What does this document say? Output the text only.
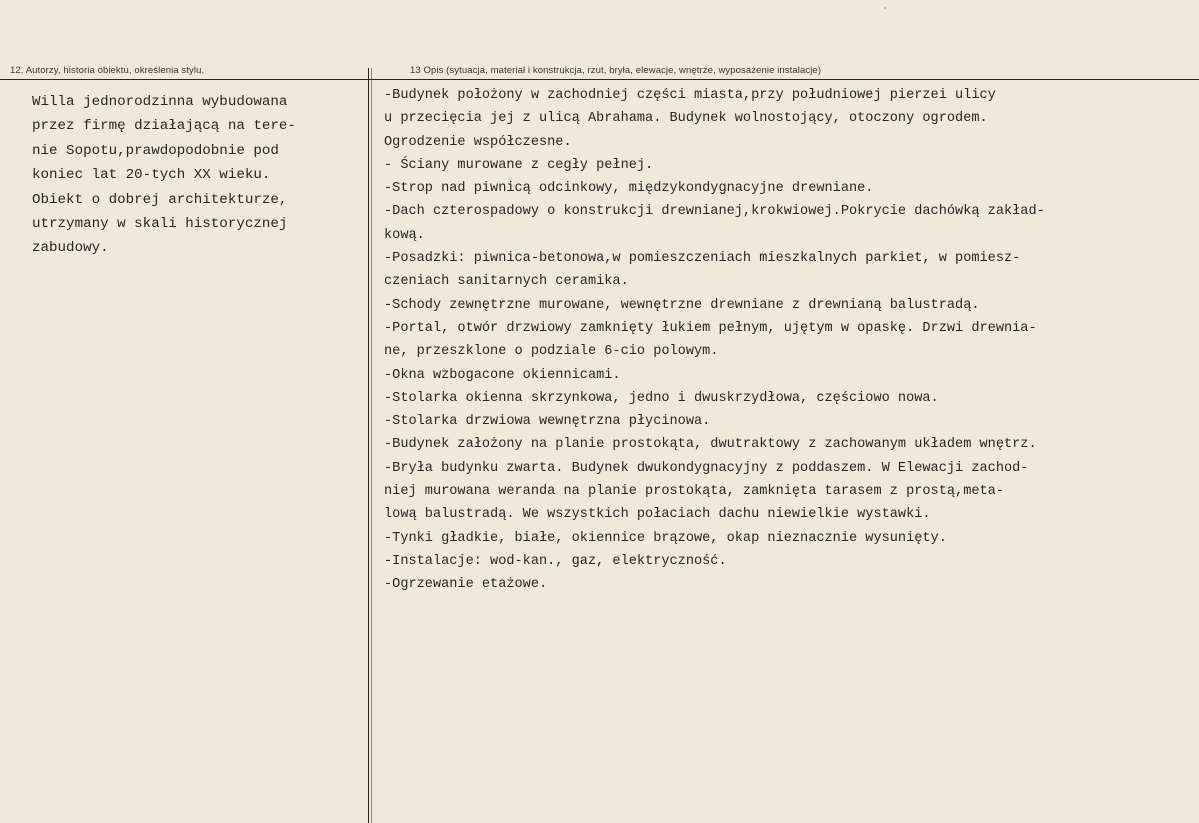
12. Autorzy, historia obiektu, określenia stylu.	13 Opis (sytuacja, materiał i konstrukcja, rzut, bryła, elewacje, wnętrze, wyposażenie instalacje)
Willa jednorodzinna wybudowana
przez firmę działającą na tere-
nie Sopotu,prawdopodobnie pod
koniec lat 20-tych XX wieku.
Obiekt o dobrej architekturze,
utrzymany w skali historycznej
zabudowy.
-Budynek położony w zachodniej części miasta,przy południowej pierzei ulicy
u przecięcia jej z ulicą Abrahama. Budynek wolnostojący, otoczony ogrodem.
Ogrodzenie współczesne.
- Ściany murowane z cegły pełnej.
-Strop nad piwnicą odcinkowy, międzykondygnacyjne drewniane.
-Dach czterospadowy o konstrukcji drewnianej,krokwiowej.Pokrycie dachówką zakład-
kową.
-Posadzki: piwnica-betonowa,w pomieszczeniach mieszkalnych parkiet, w pomiesz-
czeniach sanitarnych ceramika.
-Schody zewnętrzne murowane, wewnętrzne drewniane z drewnianą balustradą.
-Portal, otwór drzwiowy zamknięty łukiem pełnym, ujętym w opaskę. Drzwi drewnia-
ne, przeszklone o podziale 6-cio polowym.
-Okna wzbogacone okiennicami.
-Stolarka okienna skrzynkowa, jedno i dwuskrzydłowa, częściowo nowa.
-Stolarka drzwiowa wewnętrzna płycinowa.
-Budynek założony na planie prostokąta, dwutraktowy z zachowanym układem wnętrz.
-Bryła budynku zwarta. Budynek dwukondygnacyjny z poddaszem. W Elewacji zachod-
niej murowana weranda na planie prostokąta, zamknięta tarasem z prostą,meta-
lową balustradą. We wszystkich połaciach dachu niewielkie wystawki.
-Tynki gładkie, białe, okiennice brązowe, okap nieznacznie wysunięty.
-Instalacje: wod-kan., gaz, elektryczność.
-Ogrzewanie etażowe.
